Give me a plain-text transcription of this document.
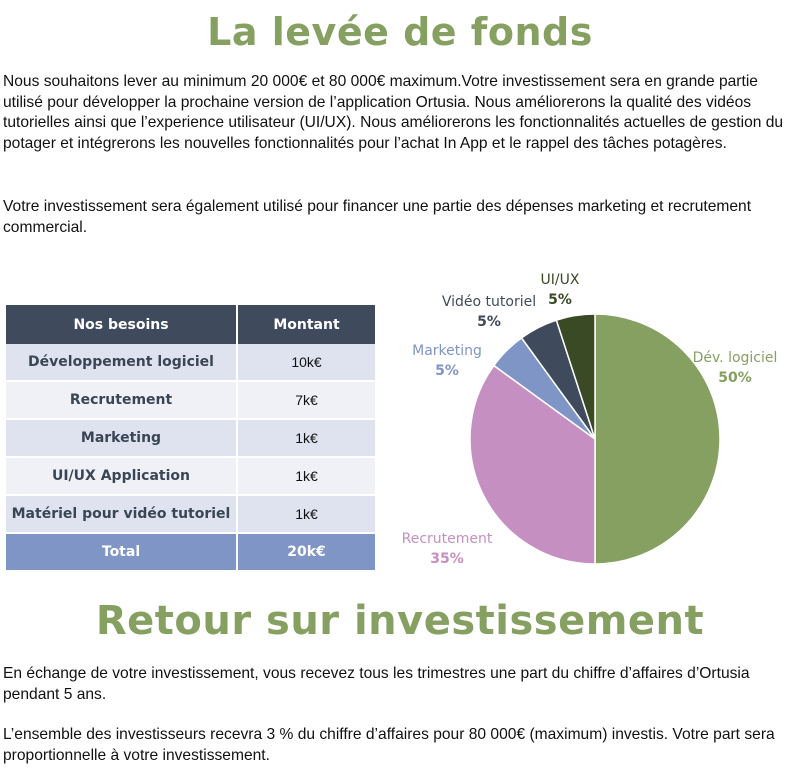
La levée de fonds

Nous souhaitons lever au minimum 20 000€ et 80 000€ maximum.Votre investissement sera en grande partie utilisé pour développer la prochaine version de l’application Ortusia. Nous améliorerons la qualité des vidéos tutorielles ainsi que l’experience utilisateur (UI/UX). Nous améliorerons les fonctionnalités actuelles de gestion du potager et intégrerons les nouvelles fonctionnalités pour l’achat In App et le rappel des tâches potagères.

Votre investissement sera également utilisé pour financer une partie des dépenses marketing et recrutement commercial.

Nos besoins	Montant
Développement logiciel	10k€
Recrutement	7k€
Marketing	1k€
UI/UX Application	1k€
Matériel pour vidéo tutoriel	1k€
Total	20k€
Dév. logiciel
50%
Recrutement
35%
Marketing
5%
Vidéo tutoriel
5%
UI/UX
5%
Retour sur investissement

En échange de votre investissement, vous recevez tous les trimestres une part du chiffre d’affaires d’Ortusia pendant 5 ans.

L’ensemble des investisseurs recevra 3 % du chiffre d’affaires pour 80 000€ (maximum) investis. Votre part sera proportionnelle à votre investissement.
